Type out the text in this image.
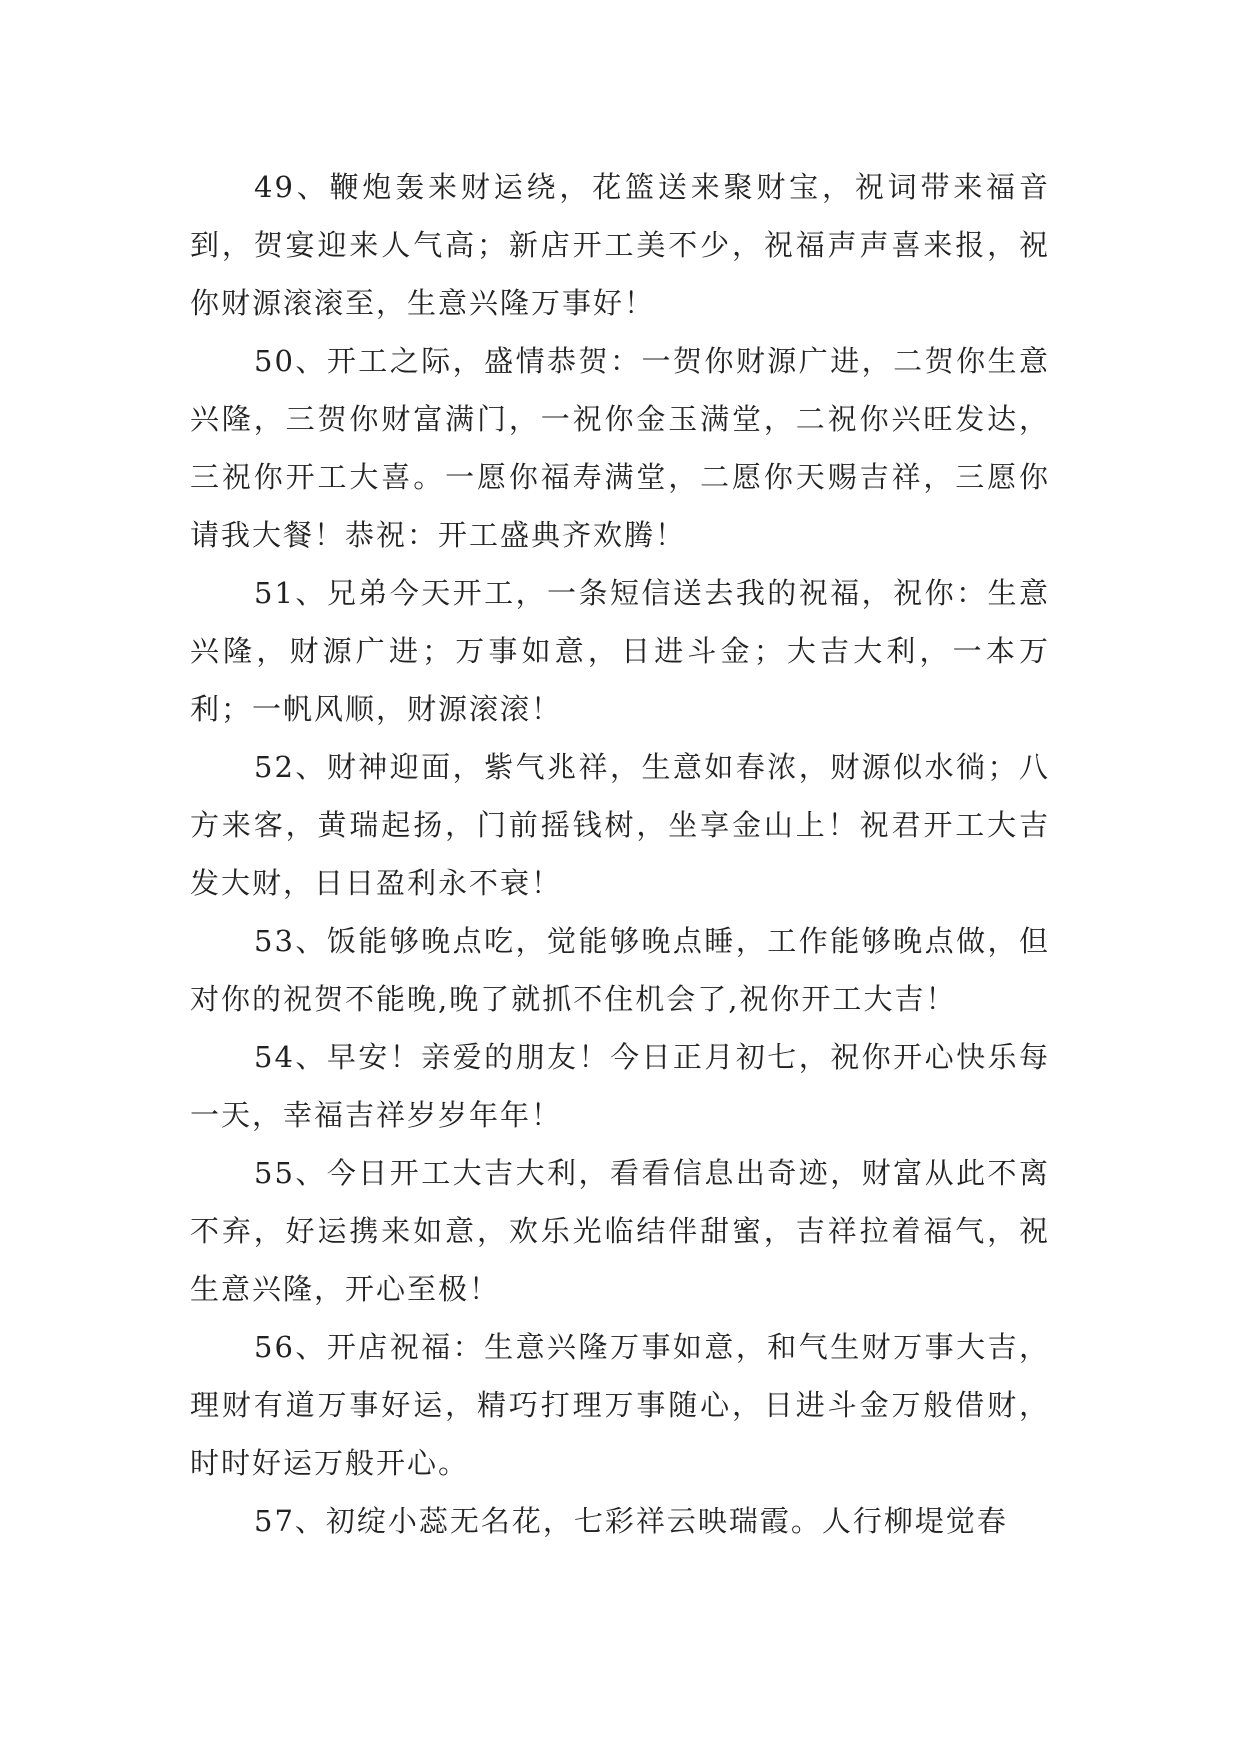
49、鞭炮轰来财运绕，花篮送来聚财宝，祝词带来福音到，贺宴迎来人气高；新店开工美不少，祝福声声喜来报，祝你财源滚滚至，生意兴隆万事好！

50、开工之际，盛情恭贺：一贺你财源广进，二贺你生意兴隆，三贺你财富满门，一祝你金玉满堂，二祝你兴旺发达，三祝你开工大喜。一愿你福寿满堂，二愿你天赐吉祥，三愿你请我大餐！恭祝：开工盛典齐欢腾！

51、兄弟今天开工，一条短信送去我的祝福，祝你：生意兴隆，财源广进；万事如意，日进斗金；大吉大利，一本万利；一帆风顺，财源滚滚！

52、财神迎面，紫气兆祥，生意如春浓，财源似水徜；八方来客，黄瑞起扬，门前摇钱树，坐享金山上！祝君开工大吉发大财，日日盈利永不衰！

53、饭能够晚点吃，觉能够晚点睡，工作能够晚点做，但对你的祝贺不能晚,晚了就抓不住机会了,祝你开工大吉！

54、早安！亲爱的朋友！今日正月初七，祝你开心快乐每一天，幸福吉祥岁岁年年！

55、今日开工大吉大利，看看信息出奇迹，财富从此不离不弃，好运携来如意，欢乐光临结伴甜蜜，吉祥拉着福气，祝生意兴隆，开心至极！

56、开店祝福：生意兴隆万事如意，和气生财万事大吉，理财有道万事好运，精巧打理万事随心，日进斗金万般借财，时时好运万般开心。

57、初绽小蕊无名花，七彩祥云映瑞霞。人行柳堤觉春
